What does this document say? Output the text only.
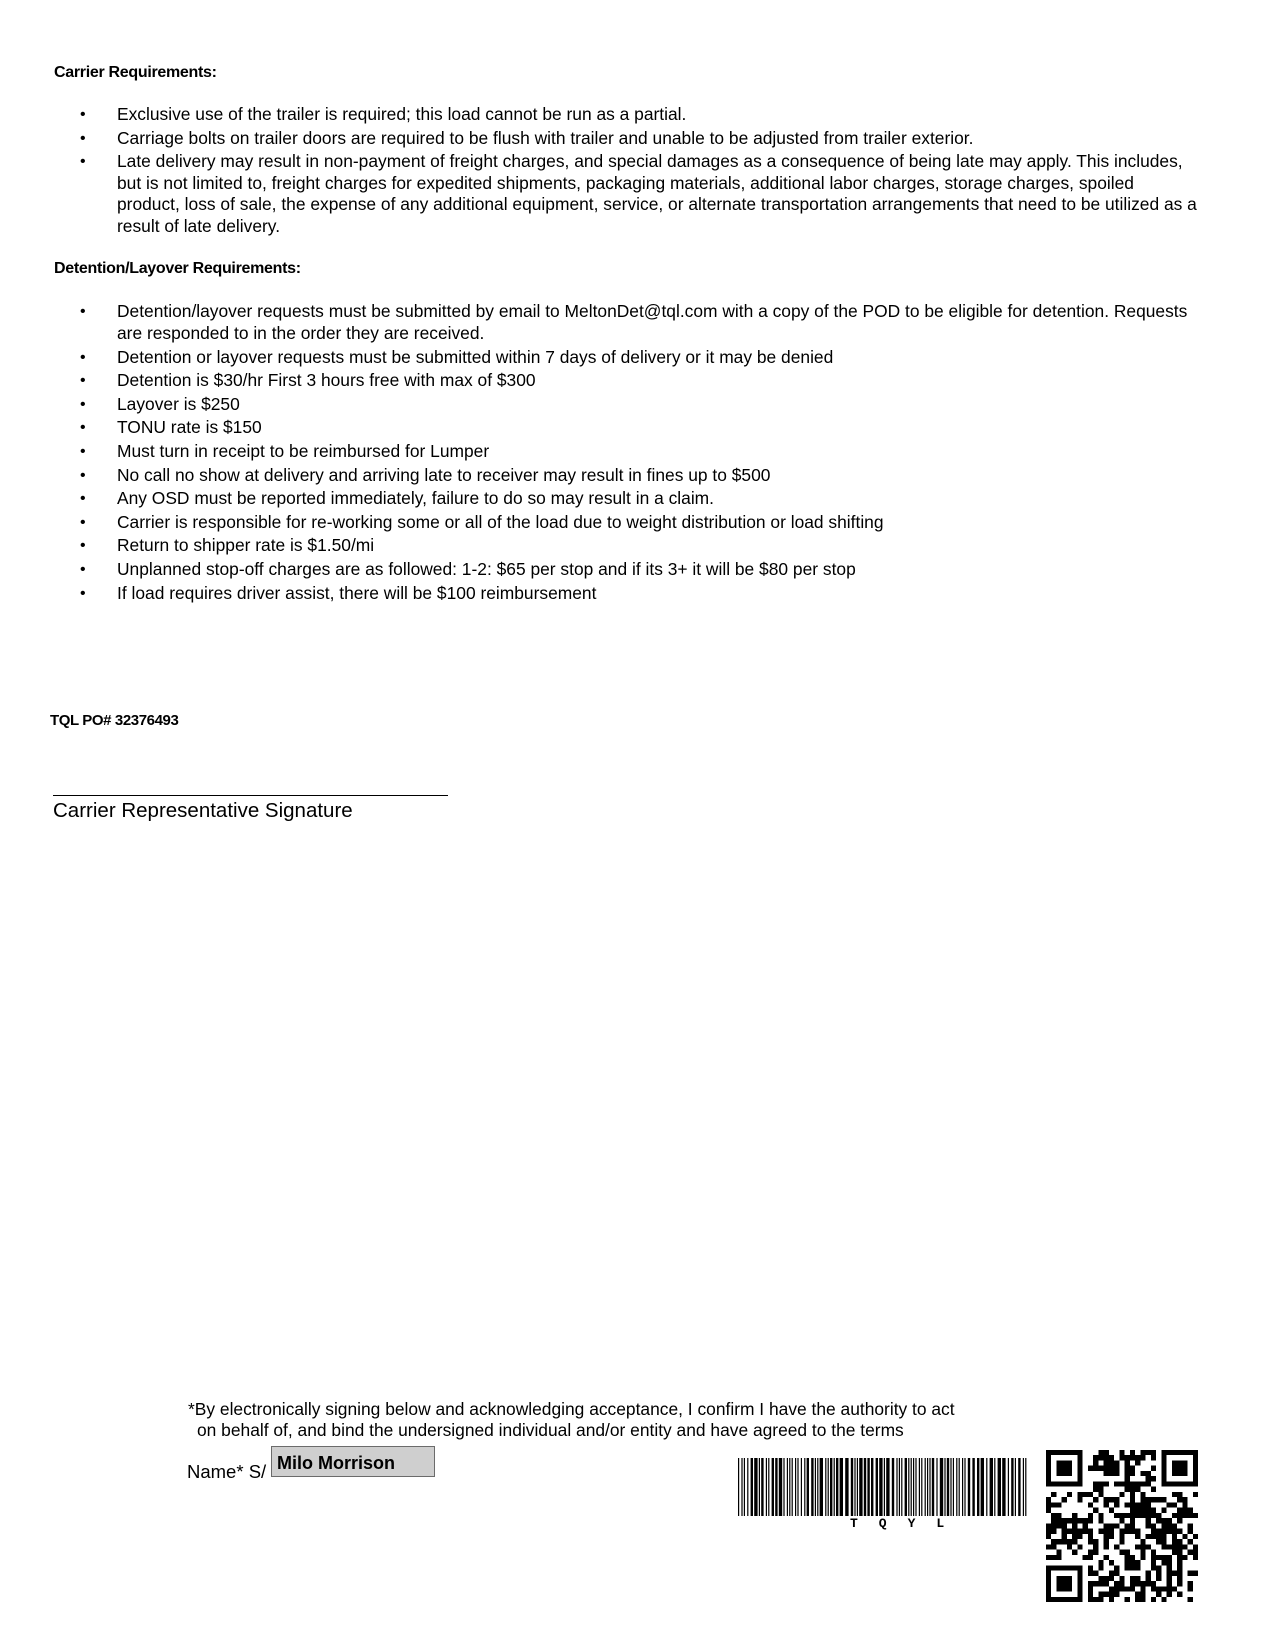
Carrier Requirements:
• Exclusive use of the trailer is required; this load cannot be run as a partial.
• Carriage bolts on trailer doors are required to be flush with trailer and unable to be adjusted from trailer exterior.
• Late delivery may result in non-payment of freight charges, and special damages as a consequence of being late may apply. This includes, but is not limited to, freight charges for expedited shipments, packaging materials, additional labor charges, storage charges, spoiled product, loss of sale, the expense of any additional equipment, service, or alternate transportation arrangements that need to be utilized as a result of late delivery.
Detention/Layover Requirements:
• Detention/layover requests must be submitted by email to MeltonDet@tql.com with a copy of the POD to be eligible for detention. Requests are responded to in the order they are received.
• Detention or layover requests must be submitted within 7 days of delivery or it may be denied
• Detention is $30/hr First 3 hours free with max of $300
• Layover is $250
• TONU rate is $150
• Must turn in receipt to be reimbursed for Lumper
• No call no show at delivery and arriving late to receiver may result in fines up to $500
• Any OSD must be reported immediately, failure to do so may result in a claim.
• Carrier is responsible for re-working some or all of the load due to weight distribution or load shifting
• Return to shipper rate is $1.50/mi
• Unplanned stop-off charges are as followed: 1-2: $65 per stop and if its 3+ it will be $80 per stop
• If load requires driver assist, there will be $100 reimbursement
TQL PO# 32376493
Carrier Representative Signature
*By electronically signing below and acknowledging acceptance, I confirm I have the authority to act
on behalf of, and bind the undersigned individual and/or entity and have agreed to the terms
Name* S/ Milo Morrison
TQYL
